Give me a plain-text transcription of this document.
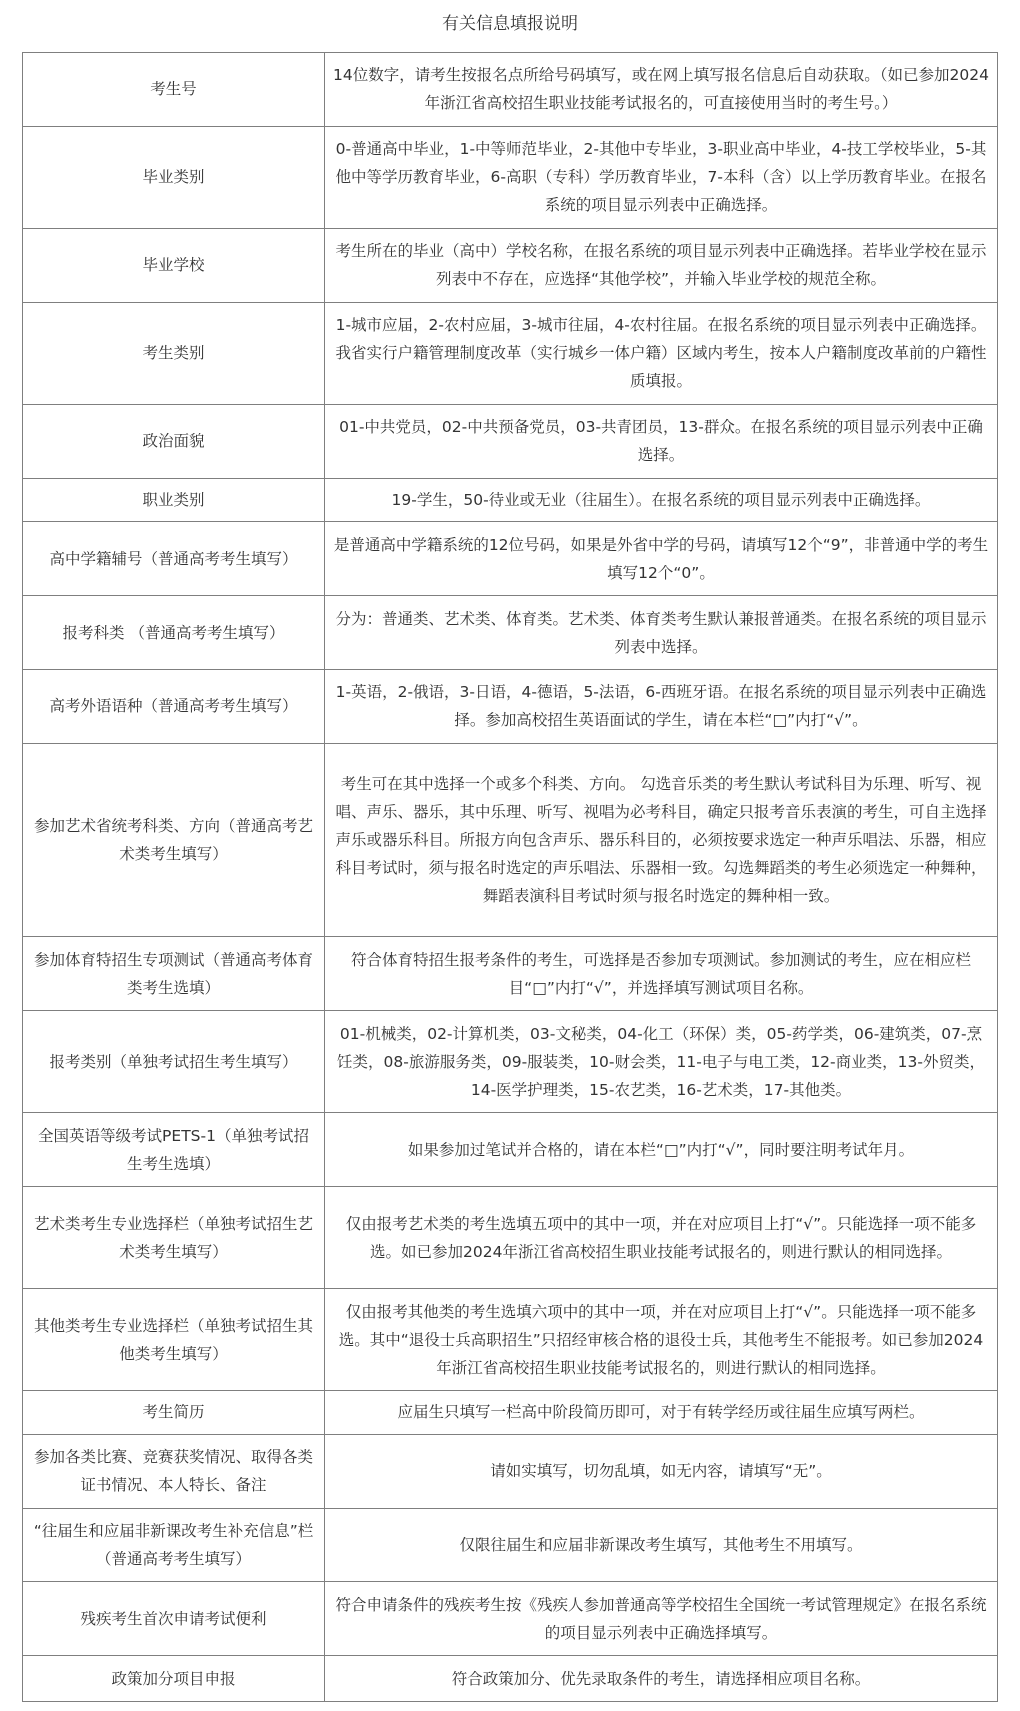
有关信息填报说明
考生号	14位数字，请考生按报名点所给号码填写，或在网上填写报名信息后自动获取。（如已参加2024年浙江省高校招生职业技能考试报名的，可直接使用当时的考生号。）
毕业类别	0-普通高中毕业，1-中等师范毕业，2-其他中专毕业，3-职业高中毕业，4-技工学校毕业，5-其他中等学历教育毕业，6-高职（专科）学历教育毕业，7-本科（含）以上学历教育毕业。在报名系统的项目显示列表中正确选择。
毕业学校	考生所在的毕业（高中）学校名称，在报名系统的项目显示列表中正确选择。若毕业学校在显示列表中不存在，应选择“其他学校”，并输入毕业学校的规范全称。
考生类别	1-城市应届，2-农村应届，3-城市往届，4-农村往届。在报名系统的项目显示列表中正确选择。我省实行户籍管理制度改革（实行城乡一体户籍）区域内考生，按本人户籍制度改革前的户籍性质填报。
政治面貌	01-中共党员，02-中共预备党员，03-共青团员，13-群众。在报名系统的项目显示列表中正确选择。
职业类别	19-学生，50-待业或无业（往届生）。在报名系统的项目显示列表中正确选择。
高中学籍辅号（普通高考考生填写）	是普通高中学籍系统的12位号码，如果是外省中学的号码，请填写12个“9”，非普通中学的考生填写12个“0”。
报考科类 （普通高考考生填写）	分为：普通类、艺术类、体育类。艺术类、体育类考生默认兼报普通类。在报名系统的项目显示列表中选择。
高考外语语种（普通高考考生填写）	1-英语，2-俄语，3-日语，4-德语，5-法语，6-西班牙语。在报名系统的项目显示列表中正确选择。参加高校招生英语面试的学生，请在本栏“□”内打“√”。
参加艺术省统考科类、方向（普通高考艺术类考生填写）	考生可在其中选择一个或多个科类、方向。 勾选音乐类的考生默认考试科目为乐理、听写、视唱、声乐、器乐，其中乐理、听写、视唱为必考科目，确定只报考音乐表演的考生，可自主选择声乐或器乐科目。所报方向包含声乐、器乐科目的，必须按要求选定一种声乐唱法、乐器，相应科目考试时，须与报名时选定的声乐唱法、乐器相一致。勾选舞蹈类的考生必须选定一种舞种，舞蹈表演科目考试时须与报名时选定的舞种相一致。
参加体育特招生专项测试（普通高考体育类考生选填）	符合体育特招生报考条件的考生，可选择是否参加专项测试。参加测试的考生，应在相应栏目“□”内打“√”，并选择填写测试项目名称。
报考类别（单独考试招生考生填写）	01-机械类，02-计算机类，03-文秘类，04-化工（环保）类，05-药学类，06-建筑类，07-烹饪类，08-旅游服务类，09-服装类，10-财会类，11-电子与电工类，12-商业类，13-外贸类，14-医学护理类，15-农艺类，16-艺术类，17-其他类。
全国英语等级考试PETS-1（单独考试招生考生选填）	如果参加过笔试并合格的，请在本栏“□”内打“√”，同时要注明考试年月。
艺术类考生专业选择栏（单独考试招生艺术类考生填写）	仅由报考艺术类的考生选填五项中的其中一项，并在对应项目上打“√”。只能选择一项不能多选。如已参加2024年浙江省高校招生职业技能考试报名的，则进行默认的相同选择。
其他类考生专业选择栏（单独考试招生其他类考生填写）	仅由报考其他类的考生选填六项中的其中一项，并在对应项目上打“√”。只能选择一项不能多选。其中“退役士兵高职招生”只招经审核合格的退役士兵，其他考生不能报考。如已参加2024年浙江省高校招生职业技能考试报名的，则进行默认的相同选择。
考生简历	应届生只填写一栏高中阶段简历即可，对于有转学经历或往届生应填写两栏。
参加各类比赛、竞赛获奖情况、取得各类证书情况、本人特长、备注	请如实填写，切勿乱填，如无内容，请填写“无”。
“往届生和应届非新课改考生补充信息”栏 （普通高考考生填写）	仅限往届生和应届非新课改考生填写，其他考生不用填写。
残疾考生首次申请考试便利	符合申请条件的残疾考生按《残疾人参加普通高等学校招生全国统一考试管理规定》在报名系统的项目显示列表中正确选择填写。
政策加分项目申报	符合政策加分、优先录取条件的考生，请选择相应项目名称。
